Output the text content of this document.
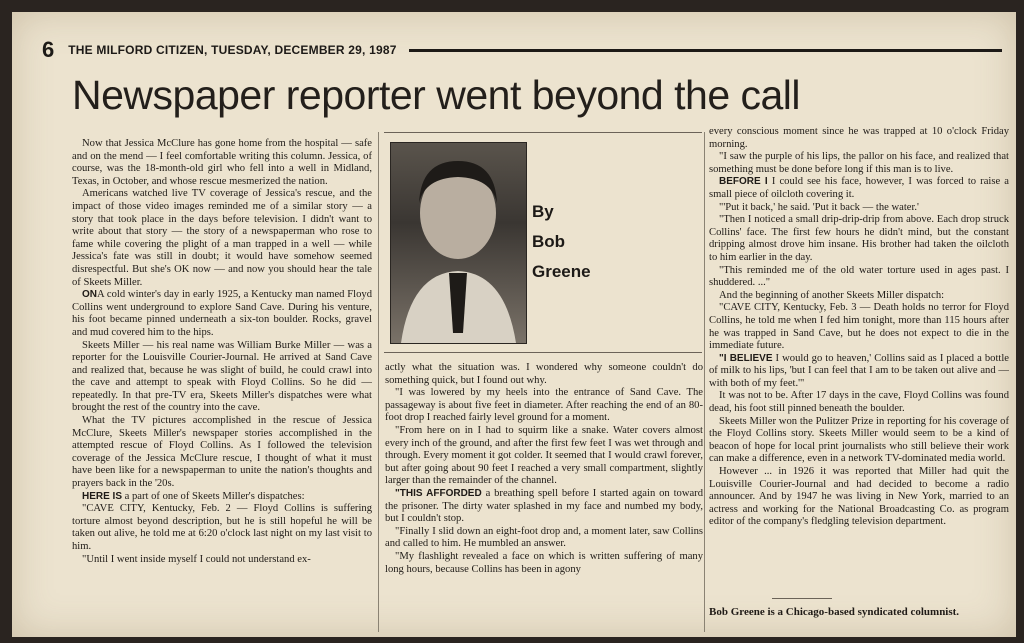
6 THE MILFORD CITIZEN, TUESDAY, DECEMBER 29, 1987
Newspaper reporter went beyond the call
By
Bob
Greene

Now that Jessica McClure has gone home from the hospital — safe and on the mend — I feel comfortable writing this column. Jessica, of course, was the 18-month-old girl who fell into a well in Midland, Texas, in October, and whose rescue mesmerized the nation.

Americans watched live TV coverage of Jessica's rescue, and the impact of those video images reminded me of a similar story — a story that took place in the days before television. I didn't want to write about that story — the story of a newspaperman who rose to fame while covering the plight of a man trapped in a well — while Jessica's fate was still in doubt; it would have somehow seemed disrespectful. But she's OK now — and now you should hear the tale of Skeets Miller.

ONA cold winter's day in early 1925, a Kentucky man named Floyd Collins went underground to explore Sand Cave. During his venture, his foot became pinned underneath a six-ton boulder. Rocks, gravel and mud covered him to the hips.

Skeets Miller — his real name was William Burke Miller — was a reporter for the Louisville Courier-Journal. He arrived at Sand Cave and realized that, because he was slight of build, he could crawl into the cave and attempt to speak with Floyd Collins. So he did — repeatedly. In that pre-TV era, Skeets Miller's dispatches were what brought the rest of the country into the cave.

What the TV pictures accomplished in the rescue of Jessica McClure, Skeets Miller's newspaper stories accomplished in the attempted rescue of Floyd Collins. As I followed the television coverage of the Jessica McClure rescue, I thought of what it must have been like for a newspaperman to unite the nation's thoughts and prayers back in the '20s.

HERE IS a part of one of Skeets Miller's dispatches:

"CAVE CITY, Kentucky, Feb. 2 — Floyd Collins is suffering torture almost beyond description, but he is still hopeful he will be taken out alive, he told me at 6:20 o'clock last night on my last visit to him.

"Until I went inside myself I could not understand ex-

actly what the situation was. I wondered why someone couldn't do something quick, but I found out why.

"I was lowered by my heels into the entrance of Sand Cave. The passageway is about five feet in diameter. After reaching the end of an 80-foot drop I reached fairly level ground for a moment.

"From here on in I had to squirm like a snake. Water covers almost every inch of the ground, and after the first few feet I was wet through and through. Every moment it got colder. It seemed that I would crawl forever, but after going about 90 feet I reached a very small compartment, slightly larger than the remainder of the channel.

"THIS AFFORDED a breathing spell before I started again on toward the prisoner. The dirty water splashed in my face and numbed my body, but I couldn't stop.

"Finally I slid down an eight-foot drop and, a moment later, saw Collins and called to him. He mumbled an answer.

"My flashlight revealed a face on which is written suffering of many long hours, because Collins has been in agony

every conscious moment since he was trapped at 10 o'clock Friday morning.

"I saw the purple of his lips, the pallor on his face, and realized that something must be done before long if this man is to live.

BEFORE I I could see his face, however, I was forced to raise a small piece of oilcloth covering it.

"'Put it back,' he said. 'Put it back — the water.'

"Then I noticed a small drip-drip-drip from above. Each drop struck Collins' face. The first few hours he didn't mind, but the constant dripping almost drove him insane. His brother had taken the oilcloth to him earlier in the day.

"This reminded me of the old water torture used in ages past. I shuddered. ..."

And the beginning of another Skeets Miller dispatch:

"CAVE CITY, Kentucky, Feb. 3 — Death holds no terror for Floyd Collins, he told me when I fed him tonight, more than 115 hours after he was trapped in Sand Cave, but he does not expect to die in the immediate future.

"I BELIEVE I would go to heaven,' Collins said as I placed a bottle of milk to his lips, 'but I can feel that I am to be taken out alive and — with both of my feet.'"

It was not to be. After 17 days in the cave, Floyd Collins was found dead, his foot still pinned beneath the boulder.

Skeets Miller won the Pulitzer Prize in reporting for his coverage of the Floyd Collins story. Skeets Miller would seem to be a kind of beacon of hope for local print journalists who still believe their work can make a difference, even in a network TV-dominated media world.

However ... in 1926 it was reported that Miller had quit the Louisville Courier-Journal and had decided to become a radio announcer. And by 1947 he was living in New York, married to an actress and working for the National Broadcasting Co. as program editor of the company's fledgling television department.

Bob Greene is a Chicago-based syndicated columnist.
